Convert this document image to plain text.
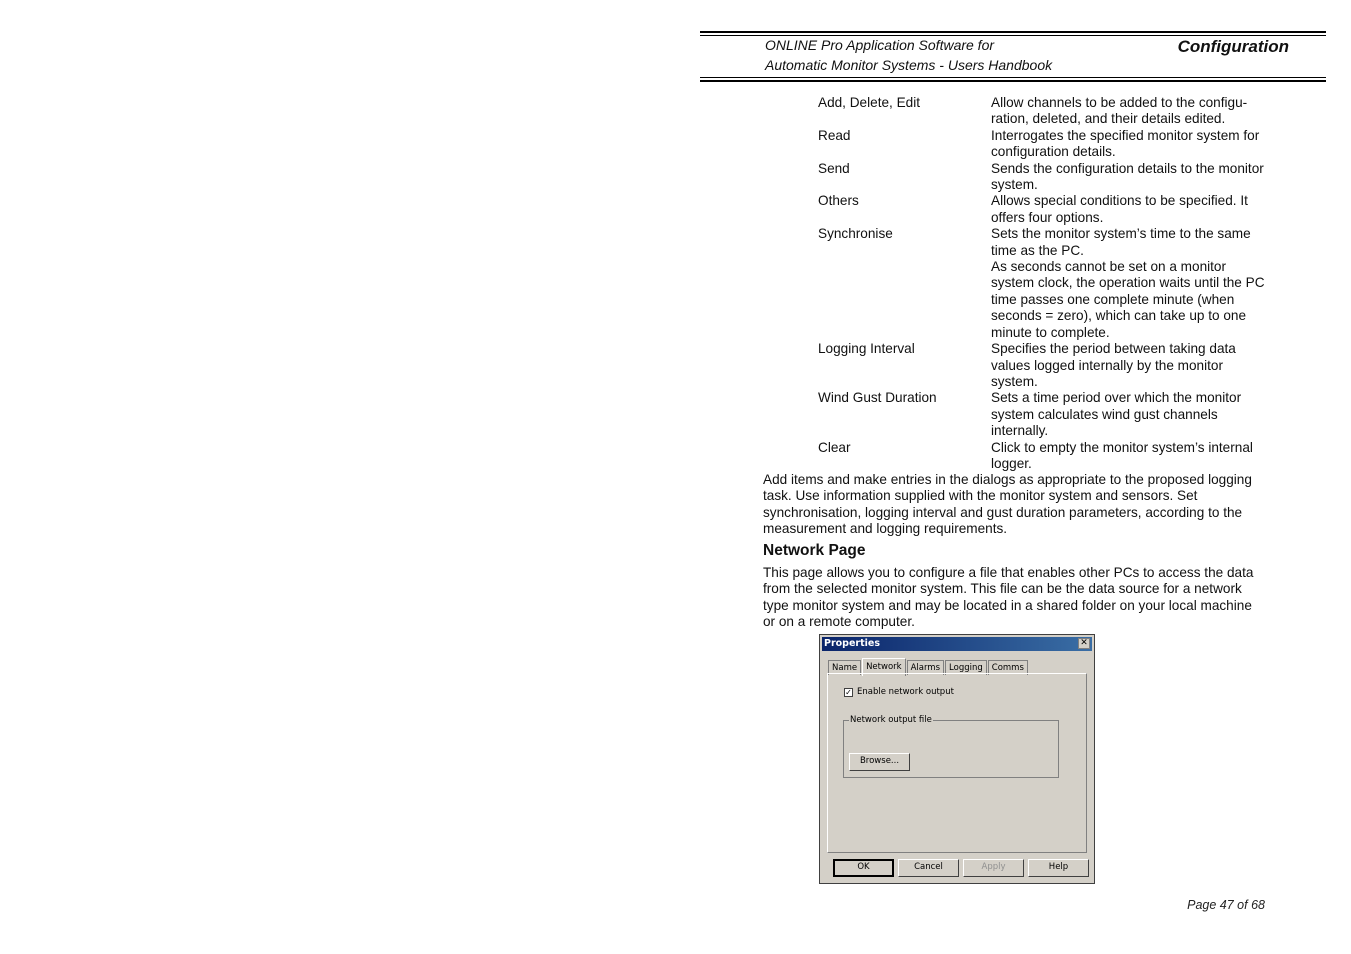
ONLINE Pro Application Software for
Automatic Monitor Systems - Users Handbook
Configuration
Add, Delete, Edit	Allow channels to be added to the configu-ration, deleted, and their details edited.

Read	Interrogates the specified monitor system for configuration details.

Send	Sends the configuration details to the monitor system.

Others	Allows special conditions to be specified. It offers four options.

Synchronise	Sets the monitor system’s time to the same time as the PC.

As seconds cannot be set on a monitor system clock, the operation waits until the PC time passes one complete minute (when seconds = zero), which can take up to one minute to complete.

Logging Interval	Specifies the period between taking data values logged internally by the monitor system.

Wind Gust Duration	Sets a time period over which the monitor system calculates wind gust channels internally.

Clear	Click to empty the monitor system’s internal logger.

Add items and make entries in the dialogs as appropriate to the proposed logging task. Use information supplied with the monitor system and sensors. Set synchronisation, logging interval and gust duration parameters, according to the measurement and logging requirements.
Network Page
This page allows you to configure a file that enables other PCs to access the data from the selected monitor system. This file can be the data source for a network type monitor system and may be located in a shared folder on your local machine or on a remote computer.
Properties	✕
Name	Network	Alarms	Logging	Comms
✓ Enable network output
Network output file
Browse...
OK	Cancel	Apply	Help
Page 47 of 68
